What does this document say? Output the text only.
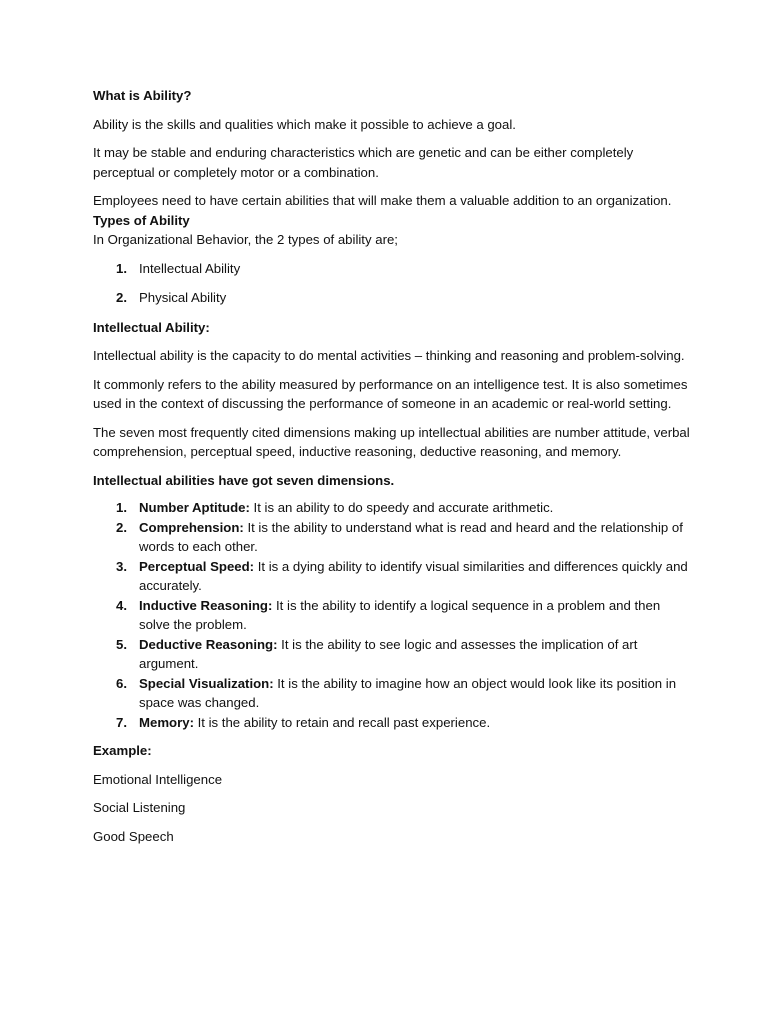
What is Ability?

Ability is the skills and qualities which make it possible to achieve a goal.

It may be stable and enduring characteristics which are genetic and can be either completely perceptual or completely motor or a combination.

Employees need to have certain abilities that will make them a valuable addition to an organization.

Types of Ability

In Organizational Behavior, the 2 types of ability are;

1. Intellectual Ability
2. Physical Ability

Intellectual Ability:

Intellectual ability is the capacity to do mental activities – thinking and reasoning and problem-solving.

It commonly refers to the ability measured by performance on an intelligence test. It is also sometimes used in the context of discussing the performance of someone in an academic or real-world setting.

The seven most frequently cited dimensions making up intellectual abilities are number attitude, verbal comprehension, perceptual speed, inductive reasoning, deductive reasoning, and memory.

Intellectual abilities have got seven dimensions.

1. Number Aptitude: It is an ability to do speedy and accurate arithmetic.
2. Comprehension: It is the ability to understand what is read and heard and the relationship of words to each other.
3. Perceptual Speed: It is a dying ability to identify visual similarities and differences quickly and accurately.
4. Inductive Reasoning: It is the ability to identify a logical sequence in a problem and then solve the problem.
5. Deductive Reasoning: It is the ability to see logic and assesses the implication of art argument.
6. Special Visualization: It is the ability to imagine how an object would look like its position in space was changed.
7. Memory: It is the ability to retain and recall past experience.

Example:

Emotional Intelligence

Social Listening

Good Speech
